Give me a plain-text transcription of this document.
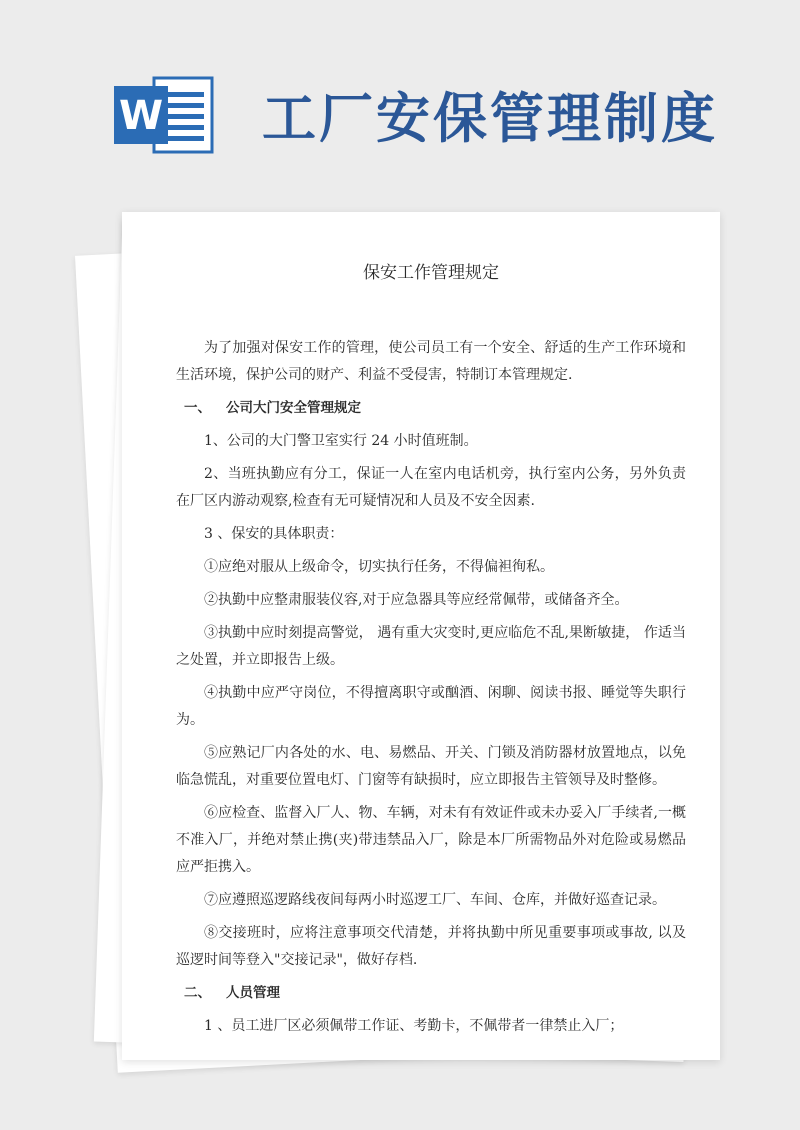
W 工厂安保管理制度
保安工作管理规定

为了加强对保安工作的管理，使公司员工有一个安全、舒适的生产工作环境和生活环境，保护公司的财产、利益不受侵害，特制订本管理规定.

一、 公司大门安全管理规定

1、公司的大门警卫室实行 24 小时值班制。

2、当班执勤应有分工，保证一人在室内电话机旁，执行室内公务，另外负责在厂区内游动观察,检查有无可疑情况和人员及不安全因素.

3 、保安的具体职责：

①应绝对服从上级命令，切实执行任务，不得偏袒徇私。

②执勤中应整肃服装仪容,对于应急器具等应经常佩带，或储备齐全。

③执勤中应时刻提高警觉， 遇有重大灾变时,更应临危不乱,果断敏捷， 作适当之处置，并立即报告上级。

④执勤中应严守岗位，不得擅离职守或酗酒、闲聊、阅读书报、睡觉等失职行为。

⑤应熟记厂内各处的水、电、易燃品、开关、门锁及消防器材放置地点，以免临急慌乱，对重要位置电灯、门窗等有缺损时，应立即报告主管领导及时整修。

⑥应检查、监督入厂人、物、车辆，对未有有效证件或未办妥入厂手续者,一概不准入厂，并绝对禁止携(夹)带违禁品入厂，除是本厂所需物品外对危险或易燃品应严拒携入。

⑦应遵照巡逻路线夜间每两小时巡逻工厂、车间、仓库，并做好巡查记录。

⑧交接班时，应将注意事项交代清楚，并将执勤中所见重要事项或事故, 以及巡逻时间等登入"交接记录"，做好存档.

二、 人员管理

1 、员工进厂区必须佩带工作证、考勤卡，不佩带者一律禁止入厂；
